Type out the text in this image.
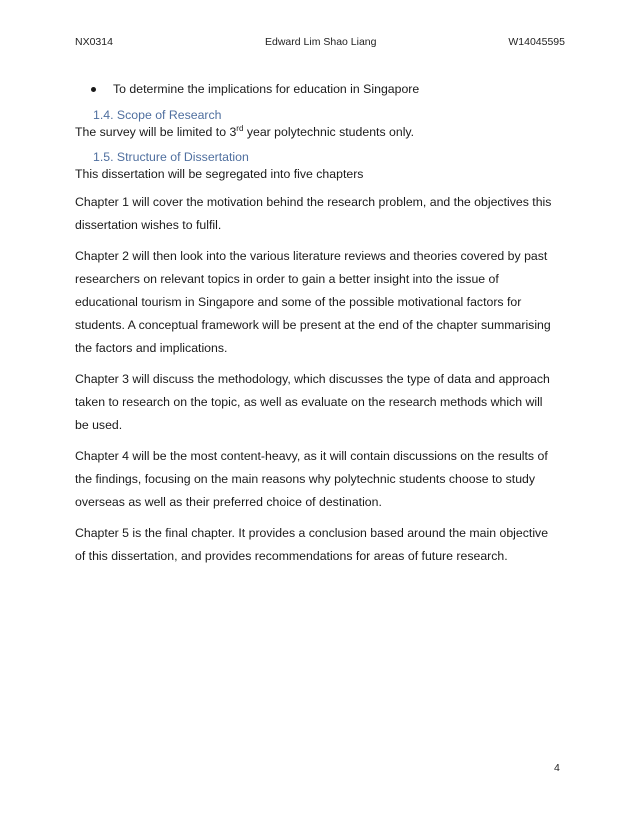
NX0314	Edward Lim Shao Liang	W14045595
To determine the implications for education in Singapore
1.4. Scope of Research
The survey will be limited to 3rd year polytechnic students only.
1.5. Structure of Dissertation
This dissertation will be segregated into five chapters
Chapter 1 will cover the motivation behind the research problem, and the objectives this
dissertation wishes to fulfil.
Chapter 2 will then look into the various literature reviews and theories covered by past
researchers on relevant topics in order to gain a better insight into the issue of
educational tourism in Singapore and some of the possible motivational factors for
students. A conceptual framework will be present at the end of the chapter summarising
the factors and implications.
Chapter 3 will discuss the methodology, which discusses the type of data and approach
taken to research on the topic, as well as evaluate on the research methods which will
be used.
Chapter 4 will be the most content-heavy, as it will contain discussions on the results of
the findings, focusing on the main reasons why polytechnic students choose to study
overseas as well as their preferred choice of destination.
Chapter 5 is the final chapter. It provides a conclusion based around the main objective
of this dissertation, and provides recommendations for areas of future research.
4
